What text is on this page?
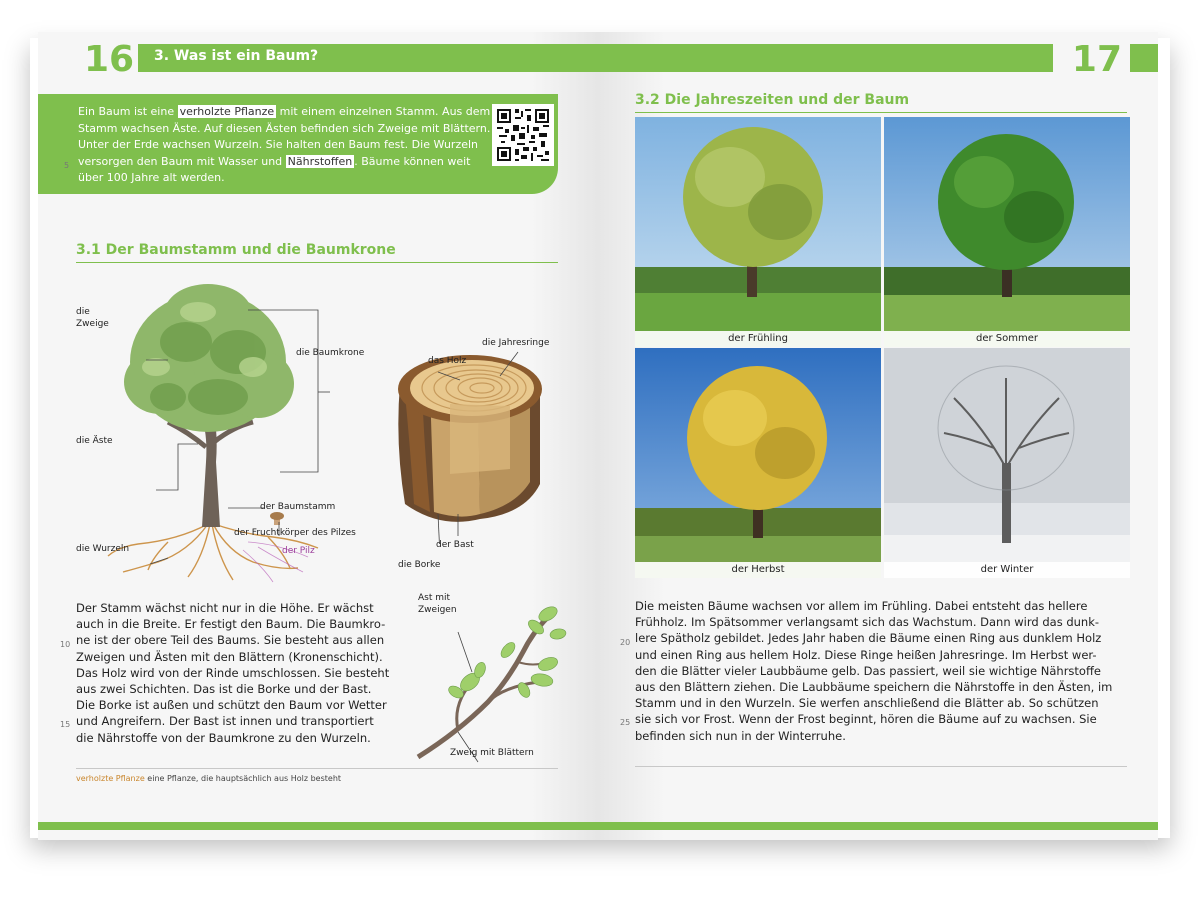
16 3. Was ist ein Baum?
Ein Baum ist eine verholzte Pflanze mit einem einzelnen Stamm. Aus dem Stamm wachsen Äste. Auf diesen Ästen befinden sich Zweige mit Blättern. Unter der Erde wachsen Wurzeln. Sie halten den Baum fest. Die Wurzeln versorgen den Baum mit Wasser und Nährstoffen . Bäume können weit über 100 Jahre alt werden.
5
3.1 Der Baumstamm und die Baumkrone
die
Zweige
die Baumkrone
die Äste
der Baumstamm
der Fruchtkörper des Pilzes
die Wurzeln	der Pilz
die Jahresringe
das Holz
der Bast
die Borke
Ast mit
Zweigen
Zweig mit Blättern
Der Stamm wächst nicht nur in die Höhe. Er wächst
auch in die Breite. Er festigt den Baum. Die Baumkro-
ne ist der obere Teil des Baums. Sie besteht aus allen
Zweigen und Ästen mit den Blättern (Kronenschicht).
Das Holz wird von der Rinde umschlossen. Sie besteht
aus zwei Schichten. Das ist die Borke und der Bast.
Die Borke ist außen und schützt den Baum vor Wetter
und Angreifern. Der Bast ist innen und transportiert
die Nährstoffe von der Baumkrone zu den Wurzeln.
10
15
verholzte Pflanze eine Pflanze, die hauptsächlich aus Holz besteht
17
3.2 Die Jahreszeiten und der Baum
der Frühling	der Sommer
der Herbst	der Winter
Die meisten Bäume wachsen vor allem im Frühling. Dabei entsteht das hellere
Frühholz. Im Spätsommer verlangsamt sich das Wachstum. Dann wird das dunk-
lere Spätholz gebildet. Jedes Jahr haben die Bäume einen Ring aus dunklem Holz
und einen Ring aus hellem Holz. Diese Ringe heißen Jahresringe. Im Herbst wer-
den die Blätter vieler Laubbäume gelb. Das passiert, weil sie wichtige Nährstoffe
aus den Blättern ziehen. Die Laubbäume speichern die Nährstoffe in den Ästen, im
Stamm und in den Wurzeln. Sie werfen anschließend die Blätter ab. So schützen
sie sich vor Frost. Wenn der Frost beginnt, hören die Bäume auf zu wachsen. Sie
befinden sich nun in der Winterruhe.
20
25
